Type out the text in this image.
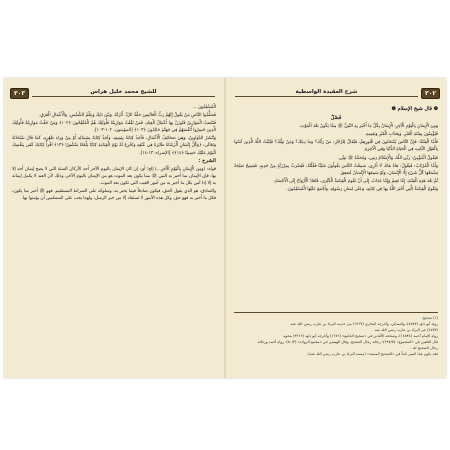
للشيخ محمد خليل هراس
٣٠٣

الْمُسْلِمُونَ ...

فَسَلُّمُوا النَّاسِ مَنْ يَقُولُ إِنَّهُمْ رَبُّ الْعَالَمِينَ حَقَّةُ الرَّدِّ. أَنْزَلَهُ، وَبَيْنَ ذَلِكَ وَعِلْمُ الشَّمْسِ، وَالْأَعْمَالِ الْعَرَقِ.

فَتَنْصَبُ الْمَوَازِينُ فَتُوزَنُ بِهَا أَعْمَالُ الْعِبَادِ، فَمَنْ ثَقُلَتْ مَوَازِينُهُ فَأُولَئِكَ هُمُ الْمُفْلِحُونَ ﴿١٠٢﴾ وَمَنْ خَفَّتْ مَوَازِينُهُ فَأُولَئِكَ الَّذِينَ خَسِرُوا أَنْفُسَهُمْ فِي جَهَنَّمَ خَالِدُونَ ﴿١٠٣﴾ [المؤمنون: ١٠٢-١٠٣].

وَتُنْشَرُ الدَّوَاوِينُ، وَهِيَ صَحَائِفُ الْأَعْمَالِ، فَآخِذٌ كِتَابَهُ بِيَمِينِهِ، وَآخِذٌ كِتَابَهُ بِشِمَالِهِ أَوْ مِنْ وَرَاءِ ظَهْرِهِ، كَمَا قَالَ سُبْحَانَهُ وَتَعَالَى: ﴿وَكُلَّ إِنْسَانٍ أَلْزَمْنَاهُ طَائِرَهُ فِي عُنُقِهِ وَنُخْرِجُ لَهُ يَوْمَ الْقِيَامَةِ كِتَابًا يَلْقَاهُ مَنْشُورًا ﴿١٣﴾ اقْرَأْ كِتَابَكَ كَفَى بِنَفْسِكَ الْيَوْمَ عَلَيْكَ حَسِيبًا ﴿١٤﴾﴾ [الإسراء: ١٣-١٤].

الشرح :

قوله: (وَمِنَ الْإِيمَانِ بِالْيَوْمِ الْآخِرِ...) إلخ؛ أي: إن كان الإيمان باليوم الآخر أحد الأركان الستة التي لا يصح إيمان أحد إلا بها، فإن الإيمان بما أخبر به النبي ﷺ مما يكون بعد الموت هو من الإيمان باليوم الآخر، وذلك لأن العبد لا يكمل إيمانه به إلا إذا آمن بكل ما أخبر به من أمور الغيب التي تكون بعد الموت.

والصادق: هو الذي يقول الحق، فيكون صادقاً فيما يخبر به، وسلوكه على الصراط المستقيم. فهو ﷺ أخبر بما يكون، فكل ما أخبر به فهو حق، وكل هذه الأمور لا تستفاد إلا من خبر الرسل، ولهذا يجب على المسلمين أن يؤمنوا بها.

٣٠٢
شرح العقيدة الواسطية
❁ قال شيخ الإسلام ❁
فَصْلٌ

وَمِنَ الْإِيمَانِ بِالْيَوْمِ الْآخِرِ: الْإِيمَانُ بِكُلِّ مَا أَخْبَرَ بِهِ النَّبِيُّ ﷺ مِمَّا يَكُونُ بَعْدَ الْمَوْتِ.

فَيُؤْمِنُونَ بِفِتْنَةِ الْقَبْرِ، وَبِعَذَابِ الْقَبْرِ وَنَعِيمِهِ.

فَأَمَّا الْفِتْنَةُ: فَإِنَّ النَّاسَ يُمْتَحَنُونَ فِي قُبُورِهِمْ، فَيُقَالُ لِلرَّجُلِ: مَنْ رَبُّكَ؟ وَمَا دِينُكَ؟ وَمَنْ نَبِيُّكَ؟ فَيُثَبِّتُ اللَّهُ الَّذِينَ آمَنُوا بِالْقَوْلِ الثَّابِتِ فِي الْحَيَاةِ الدُّنْيَا وَفِي الْآخِرَةِ.

فَيَقُولُ الْمُؤْمِنُ: رَبِّيَ اللَّهُ، وَالْإِسْلَامُ دِينِي، وَمُحَمَّدٌ ﷺ نَبِيِّي.

وَأَمَّا الْمُرْتَابُ: فَيَقُولُ: هَاهْ هَاهْ، لَا أَدْرِي، سَمِعْتُ النَّاسَ يَقُولُونَ شَيْئًا فَقُلْتُهُ، فَيُضْرَبُ بِمِرْزَبَّةٍ مِنْ حَدِيدٍ، فَيَصِيحُ صَيْحَةً يَسْمَعُهَا كُلُّ شَيْءٍ إِلَّا الْإِنْسَانَ، وَلَوْ سَمِعَهَا الْإِنْسَانُ لَصَعِقَ.

ثُمَّ بَعْدَ هَذِهِ الْفِتْنَةِ: إِمَّا نَعِيمٌ وَإِمَّا عَذَابٌ، إِلَى أَنْ تَقُومَ الْقِيَامَةُ الْكُبْرَى، فَتُعَادُ الْأَرْوَاحُ إِلَى الْأَجْسَادِ.

وَتَقُومُ الْقِيَامَةُ الَّتِي أَخْبَرَ اللَّهُ بِهَا فِي كِتَابِهِ، وَعَلَى لِسَانِ رَسُولِهِ، وَأَجْمَعَ عَلَيْهَا الْمُسْلِمُونَ.

(١) صحيح:

رواه أبو داود (٤٧٥٣)، والنسائي، وأخرجه البخاري (١٣٦٩) من حديث البراء بن عازب رضي الله عنه.

(٤٧٥٣) عن البراء بن عازب رضي الله عنه.

رواه الإمام أحمد (١٨٥٣٤)، وصححه الألباني في «صحيح الجامع» (١٦٧٦) وأخرجه أبو داود (٣٢١٢) بنحوه.

قال التلقين في «المجموع» (٢٩٧/٥): رجاله رجال الصحيح، وقال الهيثمي في «مجمع الزوائد» (٥٠/٣): رواه أحمد ورجاله

رجال الصحيح اهـ.

فقد يكون هذا المتن ثابتاً في «الصحيح المسند» (مسند البراء بن عازب رضي الله عنه).
